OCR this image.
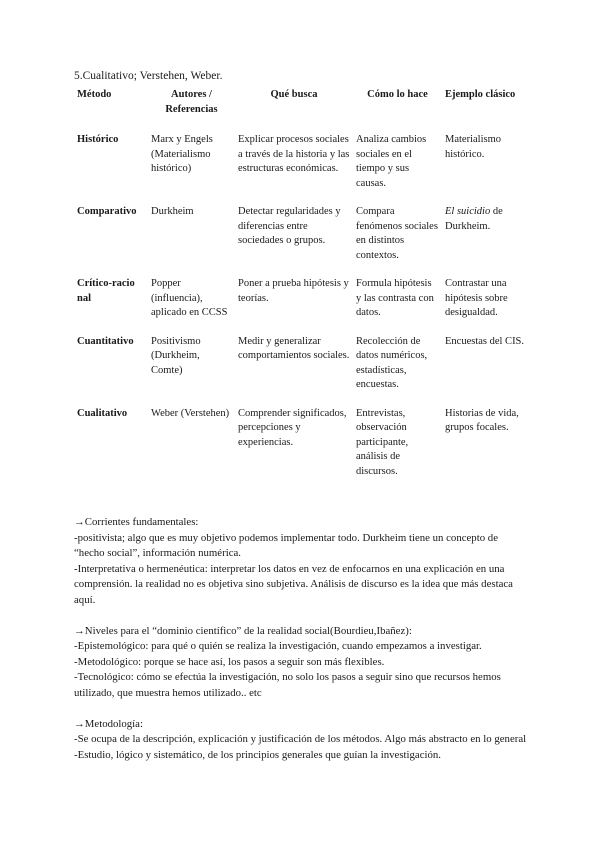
5.Cualitativo; Verstehen, Weber.

Método	Autores / Referencias	Qué busca	Cómo lo hace	Ejemplo clásico
Histórico	Marx y Engels (Materialismo histórico)	Explicar procesos sociales a través de la historia y las estructuras económicas.	Analiza cambios sociales en el tiempo y sus causas.	Materialismo histórico.
Comparativo	Durkheim	Detectar regularidades y diferencias entre sociedades o grupos.	Compara fenómenos sociales en distintos contextos.	El suicidio de Durkheim.
Crítico-racio nal	Popper (influencia), aplicado en CCSS	Poner a prueba hipótesis y teorías.	Formula hipótesis y las contrasta con datos.	Contrastar una hipótesis sobre desigualdad.
Cuantitativo	Positivismo (Durkheim, Comte)	Medir y generalizar comportamientos sociales.	Recolección de datos numéricos, estadísticas, encuestas.	Encuestas del CIS.
Cualitativo	Weber (Verstehen)	Comprender significados, percepciones y experiencias.	Entrevistas, observación participante, análisis de discursos.	Historias de vida, grupos focales.

→Corrientes fundamentales:

-positivista; algo que es muy objetivo podemos implementar todo. Durkheim tiene un concepto de “hecho social”, información numérica.

-Interpretativa o hermenéutica: interpretar los datos en vez de enfocarnos en una explicación en una comprensión. la realidad no es objetiva sino subjetiva. Análisis de discurso es la idea que más destaca aquí.

→Niveles para el “dominio científico” de la realidad social(Bourdieu,Ibañez):

-Epistemológico: para qué o quién se realiza la investigación, cuando empezamos a investigar.

-Metodológico: porque se hace así, los pasos a seguir son más flexibles.

-Tecnológico: cómo se efectúa la investigación, no solo los pasos a seguir sino que recursos hemos utilizado, que muestra hemos utilizado.. etc

→Metodología:

-Se ocupa de la descripción, explicación y justificación de los métodos. Algo más abstracto en lo general

-Estudio, lógico y sistemático, de los principios generales que guían la investigación.
